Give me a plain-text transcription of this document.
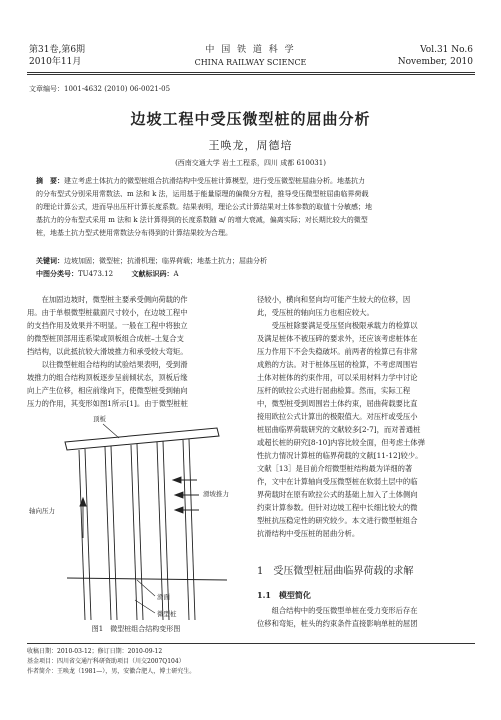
第31卷,第6期
2010年11月
中 国 铁 道 科 学
CHINA RAILWAY SCIENCE
Vol.31 No.6
November, 2010
文章编号：1001-4632 (2010) 06-0021-05
边坡工程中受压微型桩的屈曲分析
王唤龙，周德培
(西南交通大学 岩土工程系，四川 成都 610031)
摘　要：建立考虑土体抗力的微型桩组合抗滑结构中受压桩计算模型，进行受压微型桩屈曲分析。地基抗力
的分布型式分别采用常数法、m 法和 k 法，运用基于能量原理的偏微分方程，推导受压微型桩屈曲临界荷载
的理论计算公式，进而导出压杆计算长度系数。结果表明，理论公式计算结果对土体参数的取值十分敏感；地
基抗力的分布型式采用 m 法和 k 法计算得到的长度系数随 a/ 的增大衰减，偏离实际；对长期比较大的微型
桩，地基土抗力型式使用常数法分布得到的计算结果较为合理。
关键词：边坡加固；微型桩；抗滑机理；临界荷载；地基土抗力；屈曲分析
中图分类号：TU473.12	文献标识码：A

在加固边坡时，微型桩主要承受侧向荷载的作

用。由于单根微型桩截面尺寸较小，在边坡工程中
的支挡作用及效果并不明显。一般在工程中将独立
的微型桩顶部用连系梁或顶板组合成桩–土复合支
挡结构，以此抵抗较大滑坡推力和承受较大弯矩。

以往微型桩组合结构的试验结果表明，受到滑

坡推力的组合结构顶板逐步呈前倾状态，顶板后缘
向上产生位移，相应前缘向下，使微型桩受到轴向
压力的作用，其变形如图1所示[1]。由于微型桩桩
顶板
轴向压力
滑坡推力
滑面
微型桩
图1　微型桩组合结构变形图
径较小，横向和竖向均可能产生较大的位移，因
此，受压桩的轴向压力也相应较大。

受压桩除要满足受压竖向极限承载力的检算以

及满足桩体不被压碎的要求外，还应该考虑桩体在
压力作用下不会失稳破坏。前两者的检算已有非常
成熟的方法。对于桩体压屈的检算，不考虑周围岩
土体对桩体的约束作用，可以采用材料力学中讨论
压杆的欧拉公式进行屈曲检算。然而，实际工程
中，微型桩受到周围岩土体约束，屈曲荷载要比直
接用欧拉公式计算出的极限值大。对压杆或受压小
桩屈曲临界荷载研究的文献较多[2-7]，而对普通桩
或超长桩的研究[8-10]内容比较全面，但考虑土体弹
性抗力情况计算桩的临界荷载的文献[11-12]较少。
文献［13］是目前介绍微型桩结构最为详细的著
作，文中在计算轴向受压微型桩在软弱土层中的临
界荷载时在原有欧拉公式的基础上加入了土体侧向
约束计算参数。但针对边坡工程中长细比较大的微
型桩抗压稳定性的研究较少。本文进行微型桩组合
抗滑结构中受压桩的屈曲分析。
1　受压微型桩屈曲临界荷载的求解
1.1　模型简化

组合结构中的受压微型单桩在受力变形后存在

位移和弯矩，桩头的约束条件直接影响单桩的屈团
收稿日期：2010-03-12；修订日期：2010-09-12
基金项目：四川省交通厅科研资助项目（川交2007Q104）
作者简介：王唤龙（1981—），男，安徽合肥人，博士研究生。
